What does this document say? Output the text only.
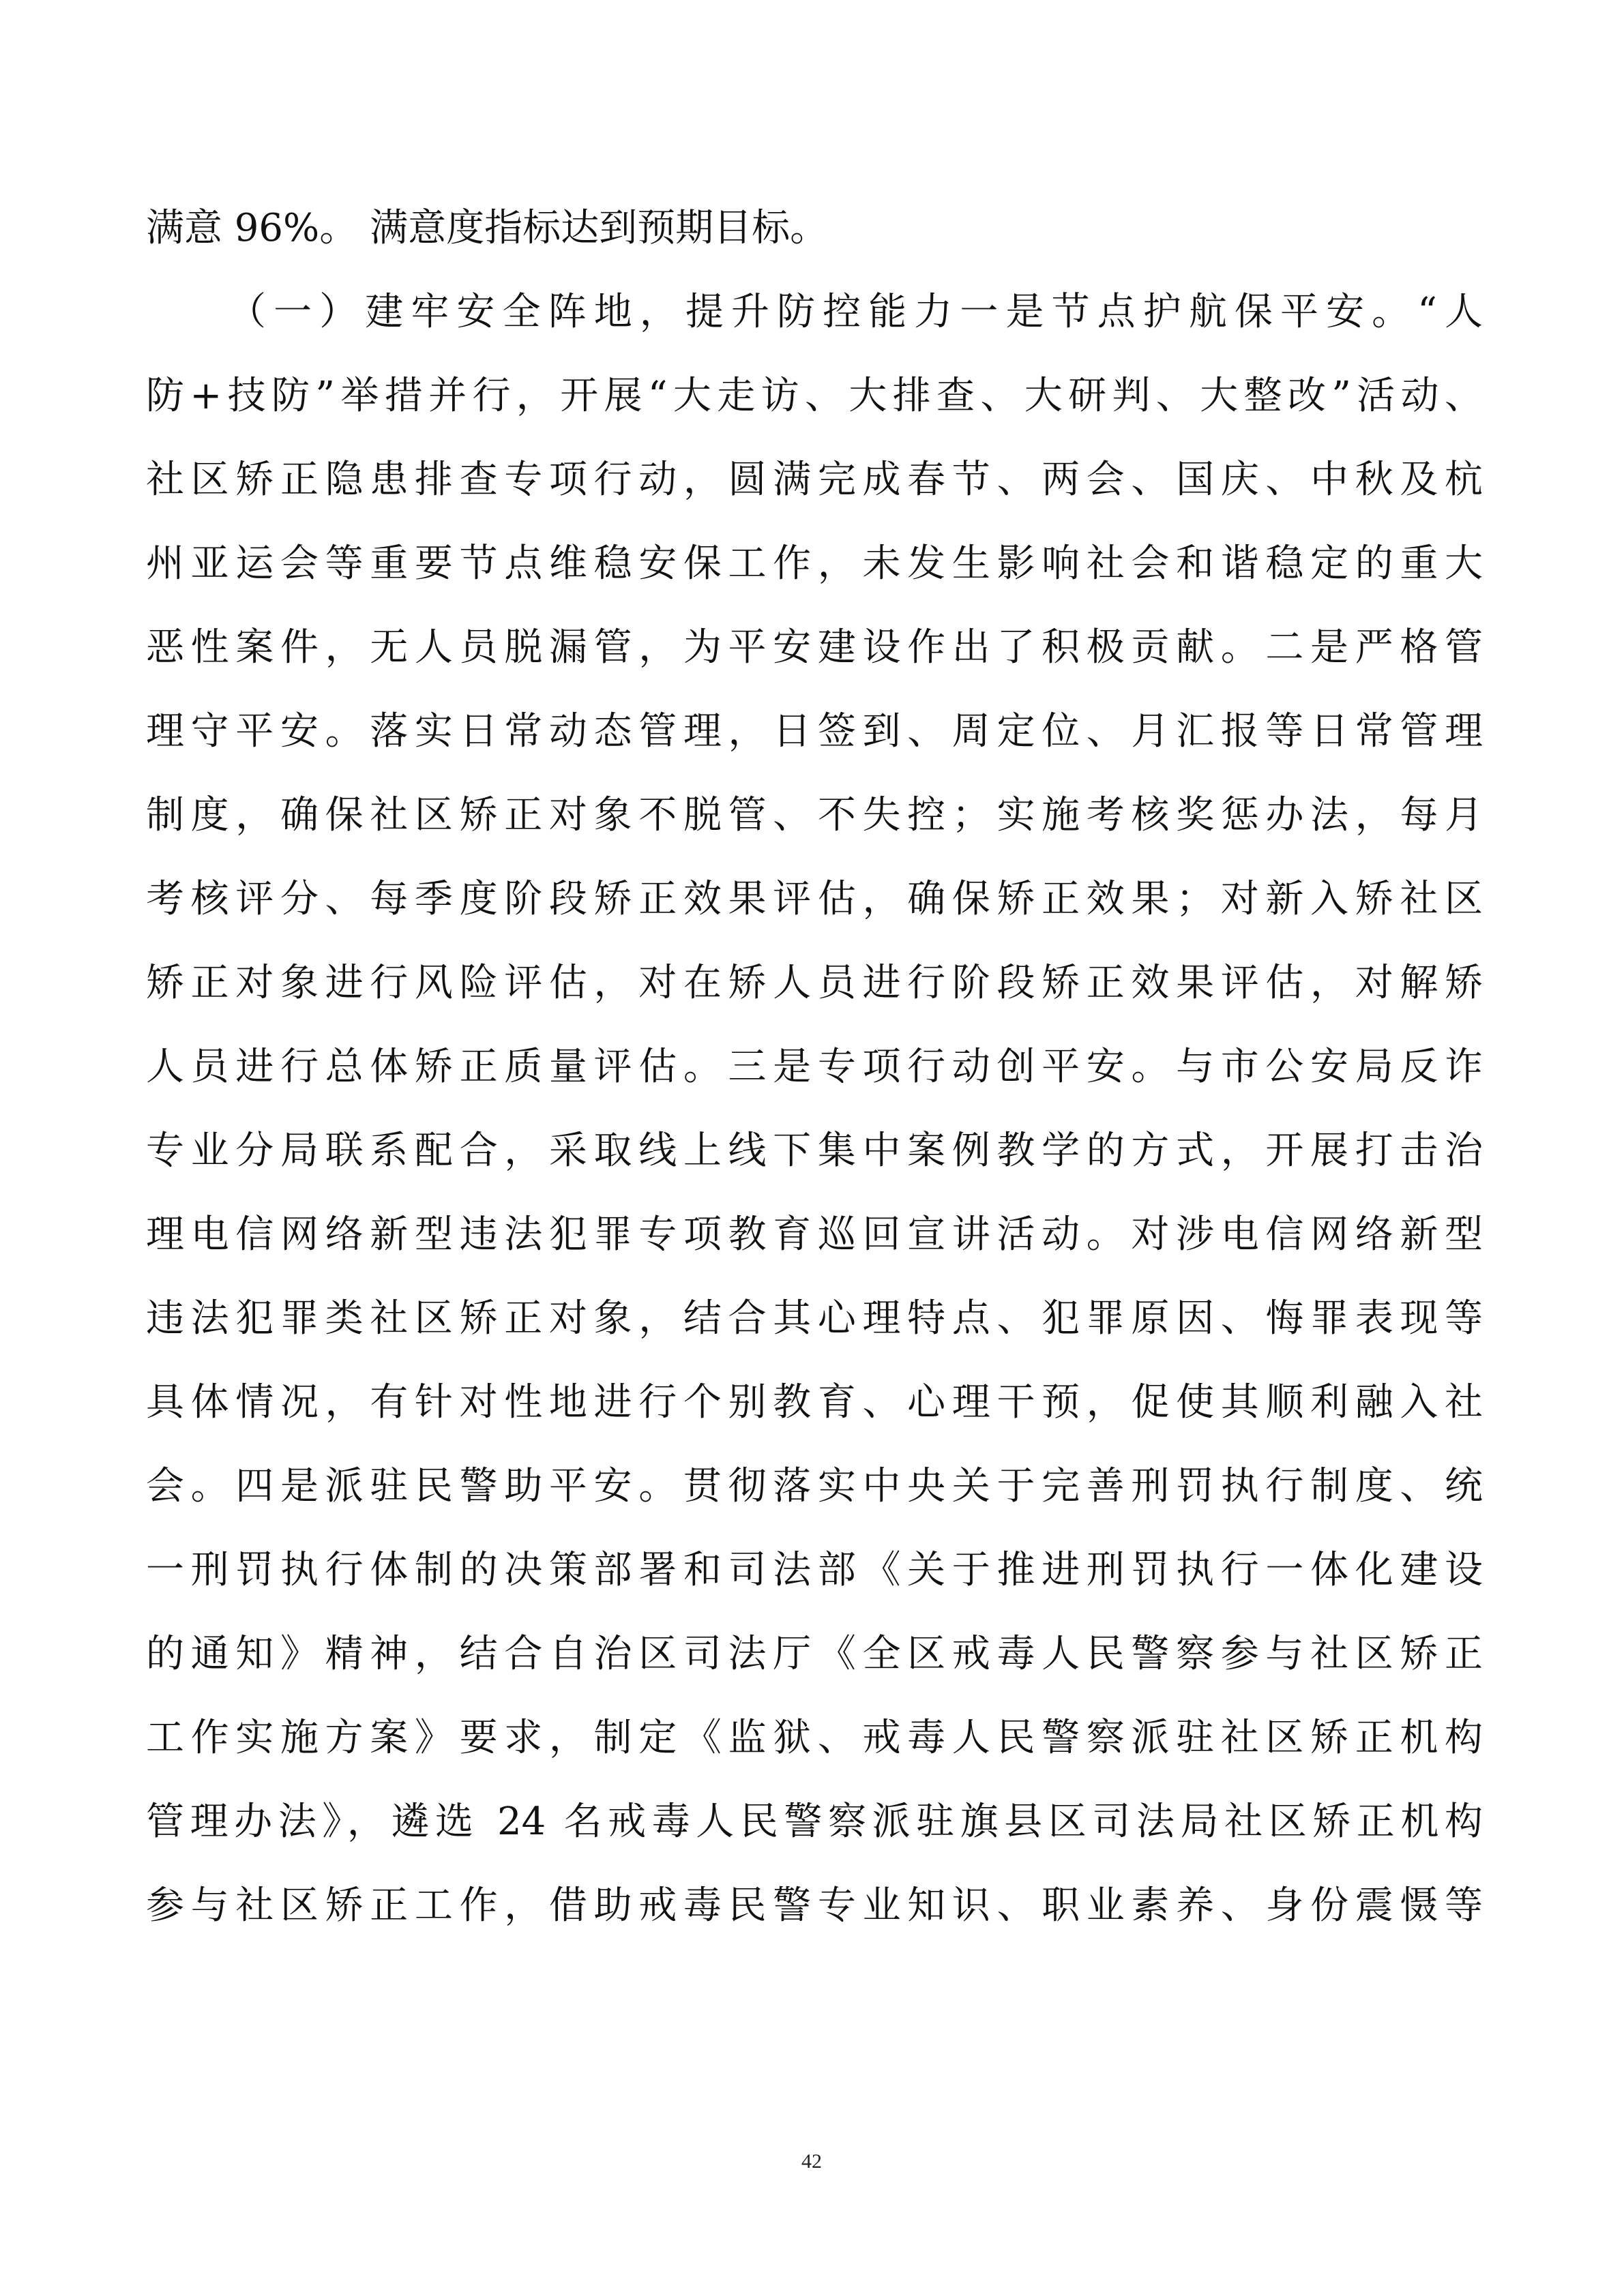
满意 96%。 满意度指标达到预期目标。
（一）建牢安全阵地，提升防控能力一是节点护航保平安。“人
防+技防”举措并行，开展“大走访、大排查、大研判、大整改”活动、
社区矫正隐患排查专项行动，圆满完成春节、两会、国庆、中秋及杭
州亚运会等重要节点维稳安保工作，未发生影响社会和谐稳定的重大
恶性案件，无人员脱漏管，为平安建设作出了积极贡献。二是严格管
理守平安。落实日常动态管理，日签到、周定位、月汇报等日常管理
制度，确保社区矫正对象不脱管、不失控；实施考核奖惩办法，每月
考核评分、每季度阶段矫正效果评估，确保矫正效果；对新入矫社区
矫正对象进行风险评估，对在矫人员进行阶段矫正效果评估，对解矫
人员进行总体矫正质量评估。三是专项行动创平安。与市公安局反诈
专业分局联系配合，采取线上线下集中案例教学的方式，开展打击治
理电信网络新型违法犯罪专项教育巡回宣讲活动。对涉电信网络新型
违法犯罪类社区矫正对象，结合其心理特点、犯罪原因、悔罪表现等
具体情况，有针对性地进行个别教育、心理干预，促使其顺利融入社
会。四是派驻民警助平安。贯彻落实中央关于完善刑罚执行制度、统
一刑罚执行体制的决策部署和司法部《关于推进刑罚执行一体化建设
的通知》精神，结合自治区司法厅《全区戒毒人民警察参与社区矫正
工作实施方案》要求，制定《监狱、戒毒人民警察派驻社区矫正机构
管理办法》，遴选 24 名戒毒人民警察派驻旗县区司法局社区矫正机构
参与社区矫正工作，借助戒毒民警专业知识、职业素养、身份震慑等
42
